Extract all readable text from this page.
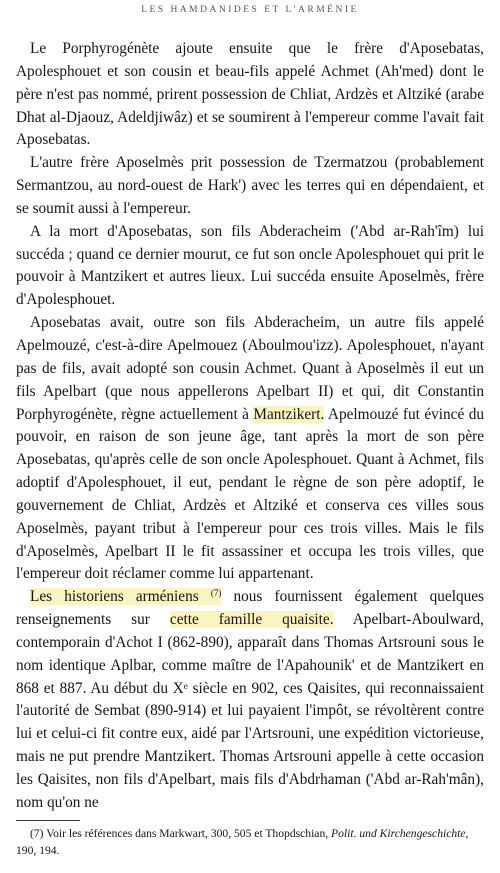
LES HAMDANIDES ET L'ARMÉNIE

Le Porphyrogénète ajoute ensuite que le frère d'Aposebatas, Apolesphouet et son cousin et beau-fils appelé Achmet (Ah'med) dont le père n'est pas nommé, prirent possession de Chliat, Ardzès et Altziké (arabe Dhat al-Djaouz, Adeldjiwâz) et se soumirent à l'empereur comme l'avait fait Aposebatas.

L'autre frère Aposelmès prit possession de Tzermatzou (probablement Sermantzou, au nord-ouest de Hark') avec les terres qui en dépendaient, et se soumit aussi à l'empereur.

A la mort d'Aposebatas, son fils Abderacheim ('Abd ar-Rah'îm) lui succéda ; quand ce dernier mourut, ce fut son oncle Apolesphouet qui prit le pouvoir à Mantzikert et autres lieux. Lui succéda ensuite Aposelmès, frère d'Apolesphouet.

Aposebatas avait, outre son fils Abderacheim, un autre fils appelé Apelmouzé, c'est-à-dire Apelmouez (Aboulmou'izz). Apolesphouet, n'ayant pas de fils, avait adopté son cousin Achmet. Quant à Aposelmès il eut un fils Apelbart (que nous appellerons Apelbart II) et qui, dit Constantin Porphyrogénète, règne actuellement à Mantzikert. Apelmouzé fut évincé du pouvoir, en raison de son jeune âge, tant après la mort de son père Aposebatas, qu'après celle de son oncle Apolesphouet. Quant à Achmet, fils adoptif d'Apolesphouet, il eut, pendant le règne de son père adoptif, le gouvernement de Chliat, Ardzès et Altziké et conserva ces villes sous Aposelmès, payant tribut à l'empereur pour ces trois villes. Mais le fils d'Aposelmès, Apelbart II le fit assassiner et occupa les trois villes, que l'empereur doit réclamer comme lui appartenant.

Les historiens arméniens $^{(7)}$ nous fournissent également quelques renseignements sur cette famille quaisite. Apelbart-Aboulward, contemporain d'Achot I (862-890), apparaît dans Thomas Artsrouni sous le nom identique Aplbar, comme maître de l'Apahounik' et de Mantzikert en 868 et 887. Au début du Xᵉ siècle en 902, ces Qaisites, qui reconnaissaient l'autorité de Sembat (890-914) et lui payaient l'impôt, se révoltèrent contre lui et celui-ci fit contre eux, aidé par l'Artsrouni, une expédition victorieuse, mais ne put prendre Mantzikert. Thomas Artsrouni appelle à cette occasion les Qaisites, non fils d'Apelbart, mais fils d'Abdrhaman ('Abd ar-Rah'mân), nom qu'on ne

(7) Voir les références dans Markwart, 300, 505 et Thopdschian, Polit. und Kirchengeschichte, 190, 194.
